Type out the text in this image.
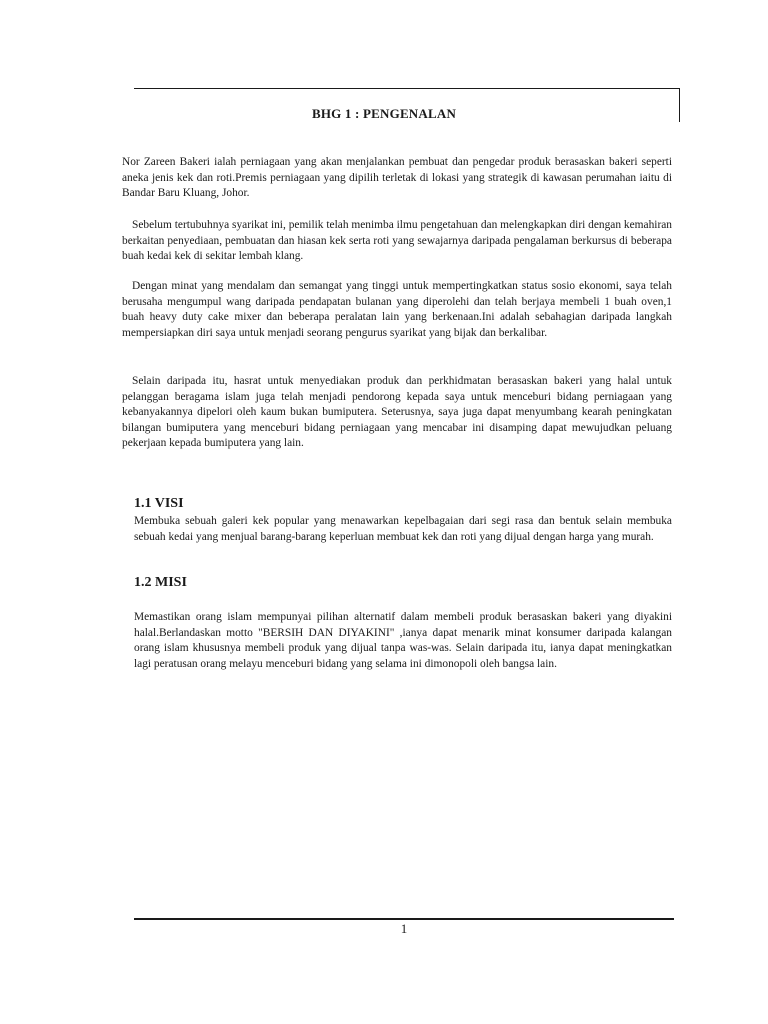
BHG 1 : PENGENALAN

Nor Zareen Bakeri ialah perniagaan yang akan menjalankan pembuat dan pengedar produk berasaskan bakeri seperti aneka jenis kek dan roti.Premis perniagaan yang dipilih terletak di lokasi yang strategik di kawasan perumahan iaitu di Bandar Baru Kluang, Johor.

Sebelum tertubuhnya syarikat ini, pemilik telah menimba ilmu pengetahuan dan melengkapkan diri dengan kemahiran berkaitan penyediaan, pembuatan dan hiasan kek serta roti yang sewajarnya daripada pengalaman berkursus di beberapa buah kedai kek di sekitar lembah klang.

Dengan minat yang mendalam dan semangat yang tinggi untuk mempertingkatkan status sosio ekonomi, saya telah berusaha mengumpul wang daripada pendapatan bulanan yang diperolehi dan telah berjaya membeli 1 buah oven,1 buah heavy duty cake mixer dan beberapa peralatan lain yang berkenaan.Ini adalah sebahagian daripada langkah mempersiapkan diri saya untuk menjadi seorang pengurus syarikat yang bijak dan berkalibar.

Selain daripada itu, hasrat untuk menyediakan produk dan perkhidmatan berasaskan bakeri yang halal untuk pelanggan beragama islam juga telah menjadi pendorong kepada saya untuk menceburi bidang perniagaan yang kebanyakannya dipelori oleh kaum bukan bumiputera. Seterusnya, saya juga dapat menyumbang kearah peningkatan bilangan bumiputera yang menceburi bidang perniagaan yang mencabar ini disamping dapat mewujudkan peluang pekerjaan kepada bumiputera yang lain.

1.1 VISI

Membuka sebuah galeri kek popular yang menawarkan kepelbagaian dari segi rasa dan bentuk selain membuka sebuah kedai yang menjual barang-barang keperluan membuat kek dan roti yang dijual dengan harga yang murah.

1.2 MISI

Memastikan orang islam mempunyai pilihan alternatif dalam membeli produk berasaskan bakeri yang diyakini halal.Berlandaskan motto "BERSIH DAN DIYAKINI" ,ianya dapat menarik minat konsumer daripada kalangan orang islam khususnya membeli produk yang dijual tanpa was-was. Selain daripada itu, ianya dapat meningkatkan lagi peratusan orang melayu menceburi bidang yang selama ini dimonopoli oleh bangsa lain.

1
